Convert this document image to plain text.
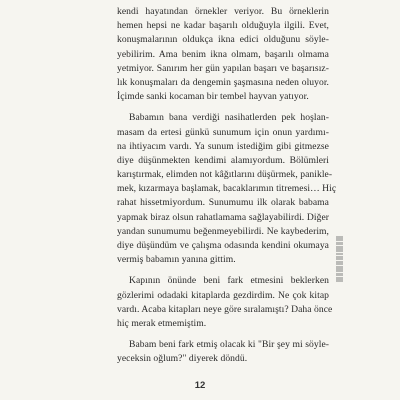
kendi hayatından örnekler veriyor. Bu örneklerin
hemen hepsi ne kadar başarılı olduğuyla ilgili. Evet,
konuşmalarının oldukça ikna edici olduğunu söyle-
yebilirim. Ama benim ikna olmam, başarılı olmama
yetmiyor. Sanırım her gün yapılan başarı ve başarısız-
lık konuşmaları da dengemin şaşmasına neden oluyor.
İçimde sanki kocaman bir tembel hayvan yatıyor.
Babamın bana verdiği nasihatlerden pek hoşlan-
masam da ertesi günkü sunumum için onun yardımı-
na ihtiyacım vardı. Ya sunum istediğim gibi gitmezse
diye düşünmekten kendimi alamıyordum. Bölümleri
karıştırmak, elimden not kâğıtlarını düşürmek, panikle-
mek, kızarmaya başlamak, bacaklarımın titremesi… Hiç
rahat hissetmiyordum. Sunumumu ilk olarak babama
yapmak biraz olsun rahatlamama sağlayabilirdi. Diğer
yandan sunumumu beğenmeyebilirdi. Ne kaybederim,
diye düşündüm ve çalışma odasında kendini okumaya
vermiş babamın yanına gittim.
Kapının önünde beni fark etmesini beklerken
gözlerimi odadaki kitaplarda gezdirdim. Ne çok kitap
vardı. Acaba kitapları neye göre sıralamıştı? Daha önce
hiç merak etmemiştim.
Babam beni fark etmiş olacak ki "Bir şey mi söyle-
yeceksin oğlum?" diyerek döndü.
12
